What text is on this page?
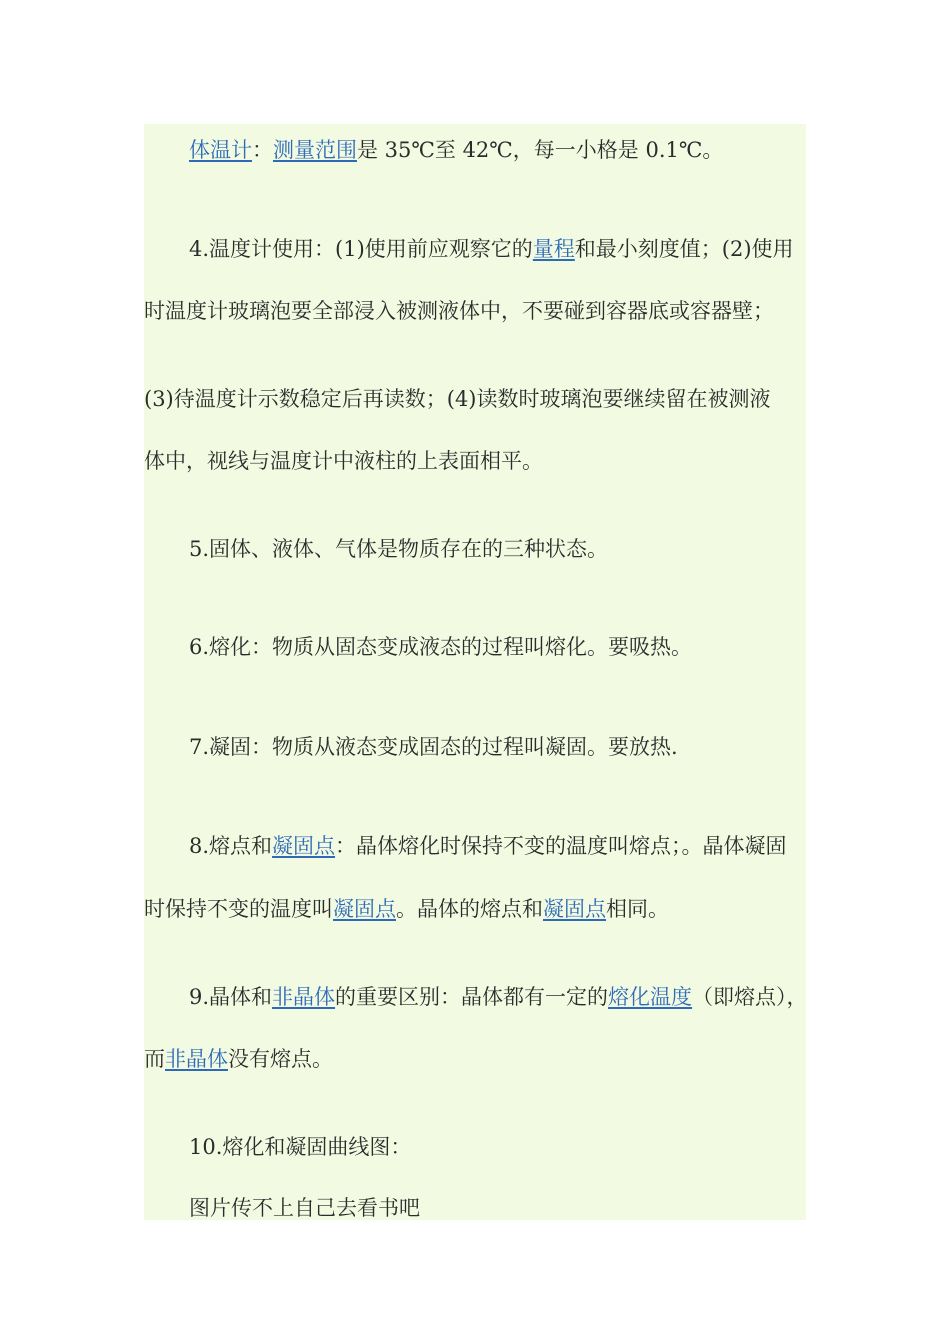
体温计：测量范围是 35℃至 42℃，每一小格是 0.1℃。
4.温度计使用：(1)使用前应观察它的量程和最小刻度值；(2)使用
时温度计玻璃泡要全部浸入被测液体中，不要碰到容器底或容器壁；
(3)待温度计示数稳定后再读数；(4)读数时玻璃泡要继续留在被测液
体中，视线与温度计中液柱的上表面相平。
5.固体、液体、气体是物质存在的三种状态。
6.熔化：物质从固态变成液态的过程叫熔化。要吸热。
7.凝固：物质从液态变成固态的过程叫凝固。要放热.
8.熔点和凝固点：晶体熔化时保持不变的温度叫熔点；。晶体凝固
时保持不变的温度叫凝固点。晶体的熔点和凝固点相同。
9.晶体和非晶体的重要区别：晶体都有一定的熔化温度（即熔点），
而非晶体没有熔点。
10.熔化和凝固曲线图：
图片传不上自己去看书吧
